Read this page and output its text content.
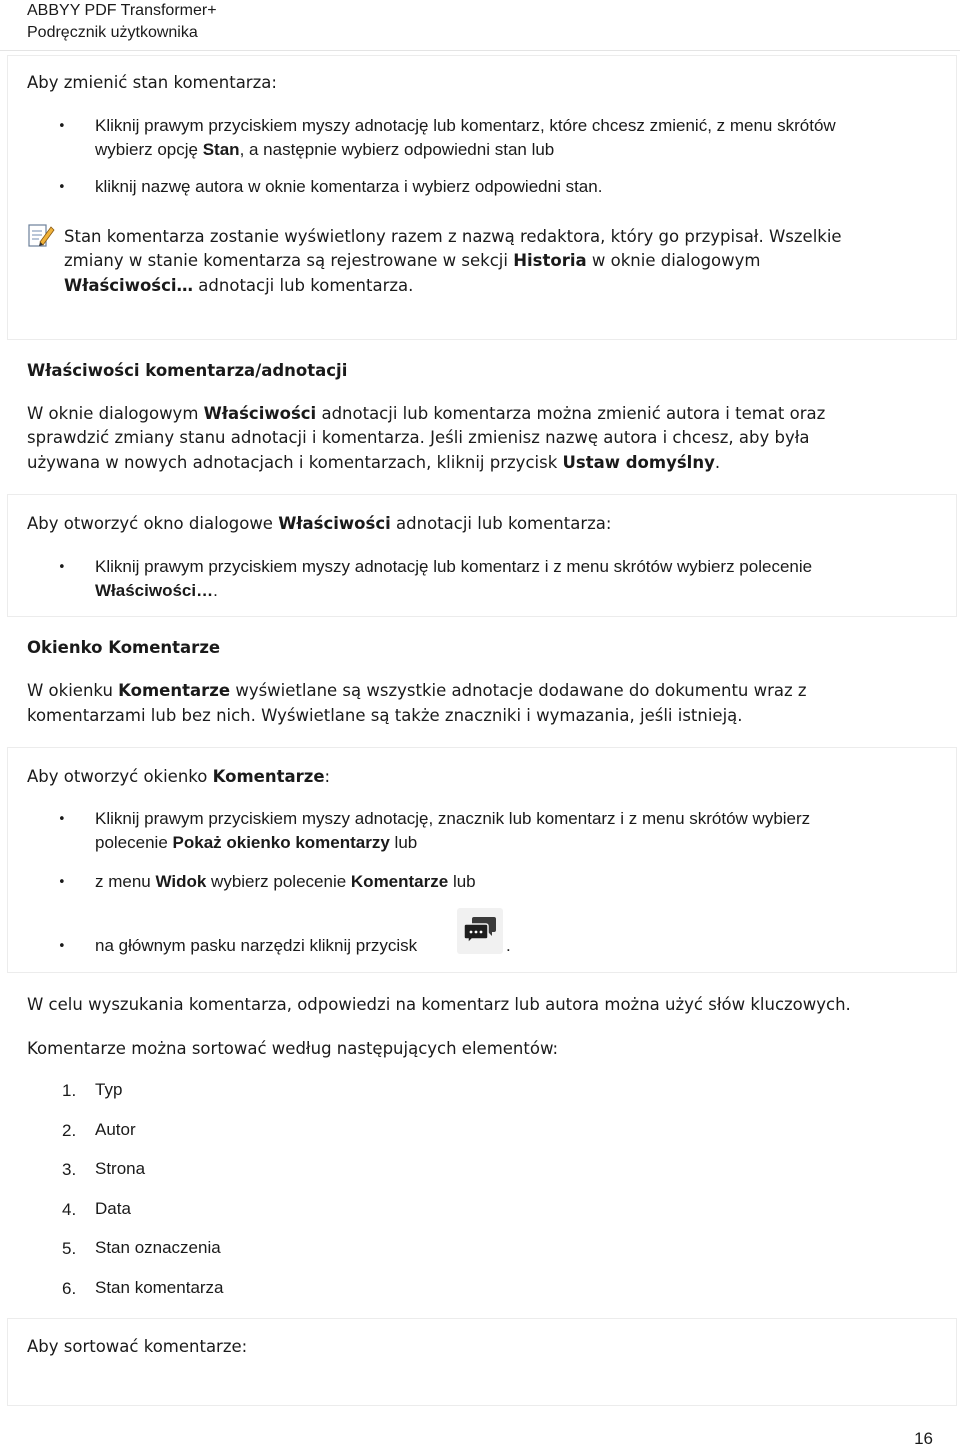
ABBYY PDF Transformer+
Podręcznik użytkownika
Aby zmienić stan komentarza:
• Kliknij prawym przyciskiem myszy adnotację lub komentarz, które chcesz zmienić, z menu skrótów
wybierz opcję Stan, a następnie wybierz odpowiedni stan lub
• kliknij nazwę autora w oknie komentarza i wybierz odpowiedni stan.
Stan komentarza zostanie wyświetlony razem z nazwą redaktora, który go przypisał. Wszelkie
zmiany w stanie komentarza są rejestrowane w sekcji Historia w oknie dialogowym
Właściwości… adnotacji lub komentarza.
Właściwości komentarza/adnotacji
W oknie dialogowym Właściwości adnotacji lub komentarza można zmienić autora i temat oraz
sprawdzić zmiany stanu adnotacji i komentarza. Jeśli zmienisz nazwę autora i chcesz, aby była
używana w nowych adnotacjach i komentarzach, kliknij przycisk Ustaw domyślny.
Aby otworzyć okno dialogowe Właściwości adnotacji lub komentarza:
• Kliknij prawym przyciskiem myszy adnotację lub komentarz i z menu skrótów wybierz polecenie
Właściwości….
Okienko Komentarze
W okienku Komentarze wyświetlane są wszystkie adnotacje dodawane do dokumentu wraz z
komentarzami lub bez nich. Wyświetlane są także znaczniki i wymazania, jeśli istnieją.
Aby otworzyć okienko Komentarze:
• Kliknij prawym przyciskiem myszy adnotację, znacznik lub komentarz i z menu skrótów wybierz
polecenie Pokaż okienko komentarzy lub
• z menu Widok wybierz polecenie Komentarze lub
• na głównym pasku narzędzi kliknij przycisk	.
W celu wyszukania komentarza, odpowiedzi na komentarz lub autora można użyć słów kluczowych.
Komentarze można sortować według następujących elementów:
1. Typ
2. Autor
3. Strona
4. Data
5. Stan oznaczenia
6. Stan komentarza
Aby sortować komentarze:
16
